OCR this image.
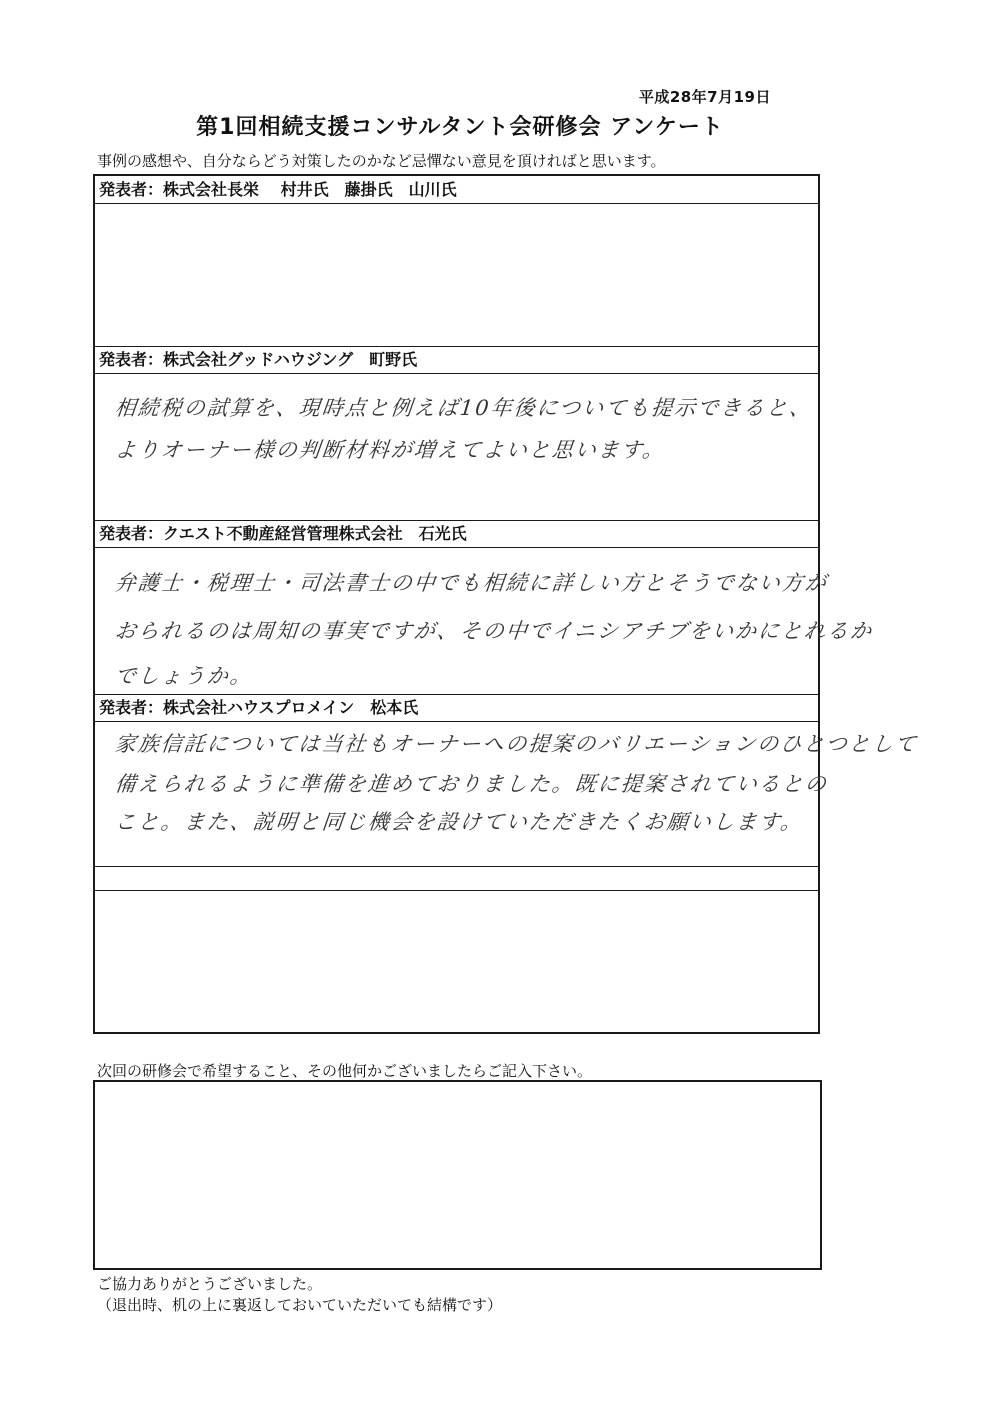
平成28年7月19日
第1回相続支援コンサルタント会研修会 アンケート
事例の感想や、自分ならどう対策したのかなど忌憚ない意見を頂ければと思います。
発表者：株式会社長栄　 村井氏　藤掛氏　山川氏
発表者：株式会社グッドハウジング　町野氏
相続税の試算を、現時点と例えば10年後についても提示できると、
よりオーナー様の判断材料が増えてよいと思います。
発表者：クエスト不動産経営管理株式会社　石光氏
弁護士・税理士・司法書士の中でも相続に詳しい方とそうでない方が
おられるのは周知の事実ですが、その中でイニシアチブをいかにとれるか
でしょうか。
発表者：株式会社ハウスプロメイン　松本氏
家族信託については当社もオーナーへの提案のバリエーションのひとつとして
備えられるように準備を進めておりました。既に提案されているとの
こと。また、説明と同じ機会を設けていただきたくお願いします。
次回の研修会で希望すること、その他何かございましたらご記入下さい。
ご協力ありがとうございました。
（退出時、机の上に裏返しておいていただいても結構です）
